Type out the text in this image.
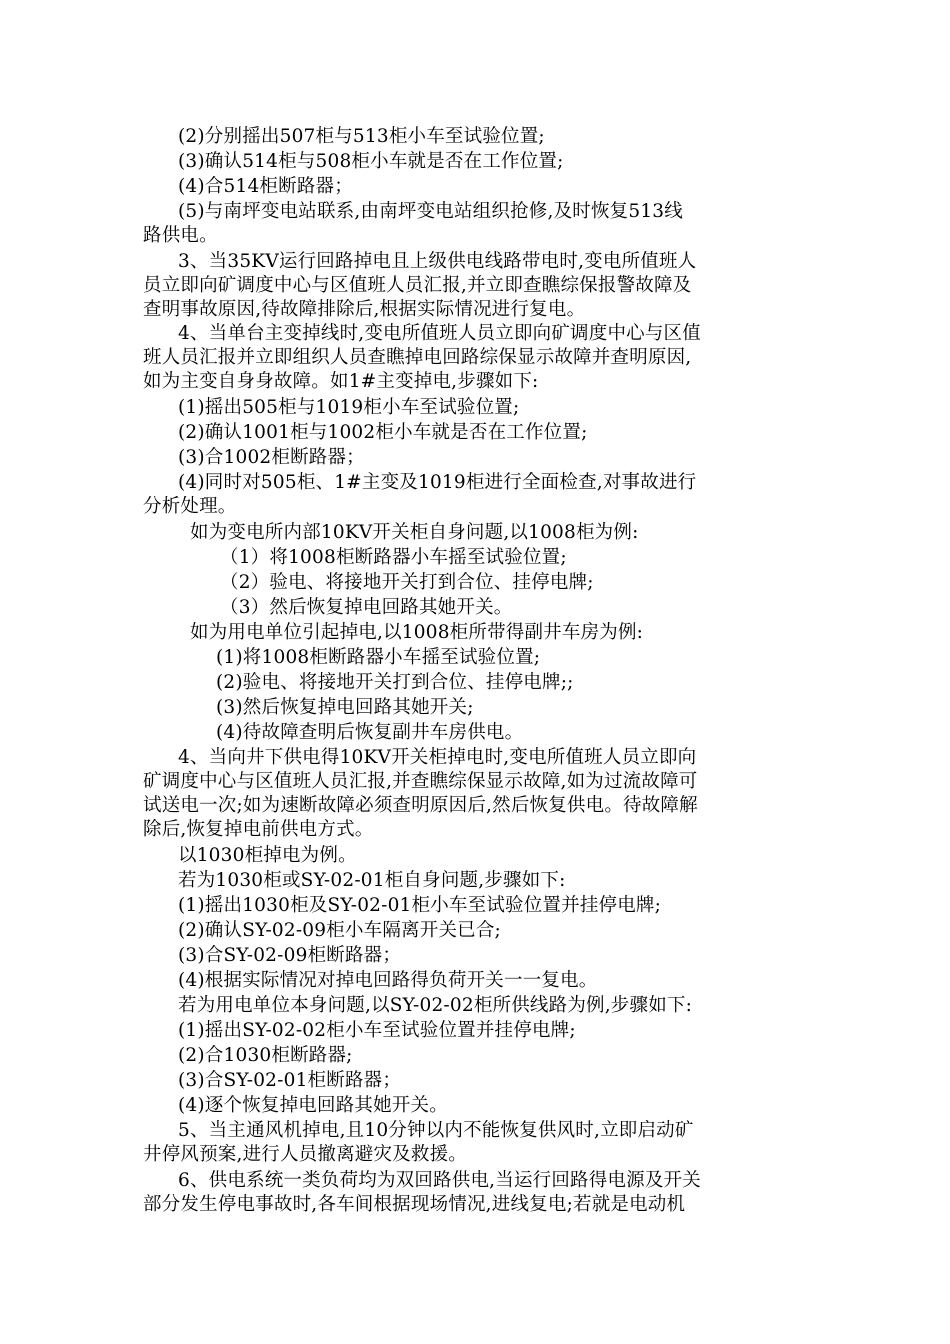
(2)分别摇出507柜与513柜小车至试验位置;
(3)确认514柜与508柜小车就是否在工作位置;
(4)合514柜断路器；
(5)与南坪变电站联系,由南坪变电站组织抢修,及时恢复513线
路供电。
3、当35KV运行回路掉电且上级供电线路带电时,变电所值班人
员立即向矿调度中心与区值班人员汇报,并立即查瞧综保报警故障及
查明事故原因,待故障排除后,根据实际情况进行复电。
4、当单台主变掉线时,变电所值班人员立即向矿调度中心与区值
班人员汇报并立即组织人员查瞧掉电回路综保显示故障并查明原因,
如为主变自身身故障。如1#主变掉电,步骤如下:
(1)摇出505柜与1019柜小车至试验位置;
(2)确认1001柜与1002柜小车就是否在工作位置;
(3)合1002柜断路器；
(4)同时对505柜、1#主变及1019柜进行全面检查,对事故进行
分析处理。
如为变电所内部10KV开关柜自身问题,以1008柜为例:
（1）将1008柜断路器小车摇至试验位置;
（2）验电、将接地开关打到合位、挂停电牌;
（3）然后恢复掉电回路其她开关。
如为用电单位引起掉电,以1008柜所带得副井车房为例:
(1)将1008柜断路器小车摇至试验位置;
(2)验电、将接地开关打到合位、挂停电牌;;
(3)然后恢复掉电回路其她开关;
(4)待故障查明后恢复副井车房供电。
4、当向井下供电得10KV开关柜掉电时,变电所值班人员立即向
矿调度中心与区值班人员汇报,并查瞧综保显示故障,如为过流故障可
试送电一次;如为速断故障必须查明原因后,然后恢复供电。待故障解
除后,恢复掉电前供电方式。
以1030柜掉电为例。
若为1030柜或SY-02-01柜自身问题,步骤如下:
(1)摇出1030柜及SY-02-01柜小车至试验位置并挂停电牌;
(2)确认SY-02-09柜小车隔离开关已合;
(3)合SY-02-09柜断路器；
(4)根据实际情况对掉电回路得负荷开关一一复电。
若为用电单位本身问题,以SY-02-02柜所供线路为例,步骤如下:
(1)摇出SY-02-02柜小车至试验位置并挂停电牌;
(2)合1030柜断路器;
(3)合SY-02-01柜断路器；
(4)逐个恢复掉电回路其她开关。
5、当主通风机掉电,且10分钟以内不能恢复供风时,立即启动矿
井停风预案,进行人员撤离避灾及救援。
6、供电系统一类负荷均为双回路供电,当运行回路得电源及开关
部分发生停电事故时,各车间根据现场情况,进线复电;若就是电动机
